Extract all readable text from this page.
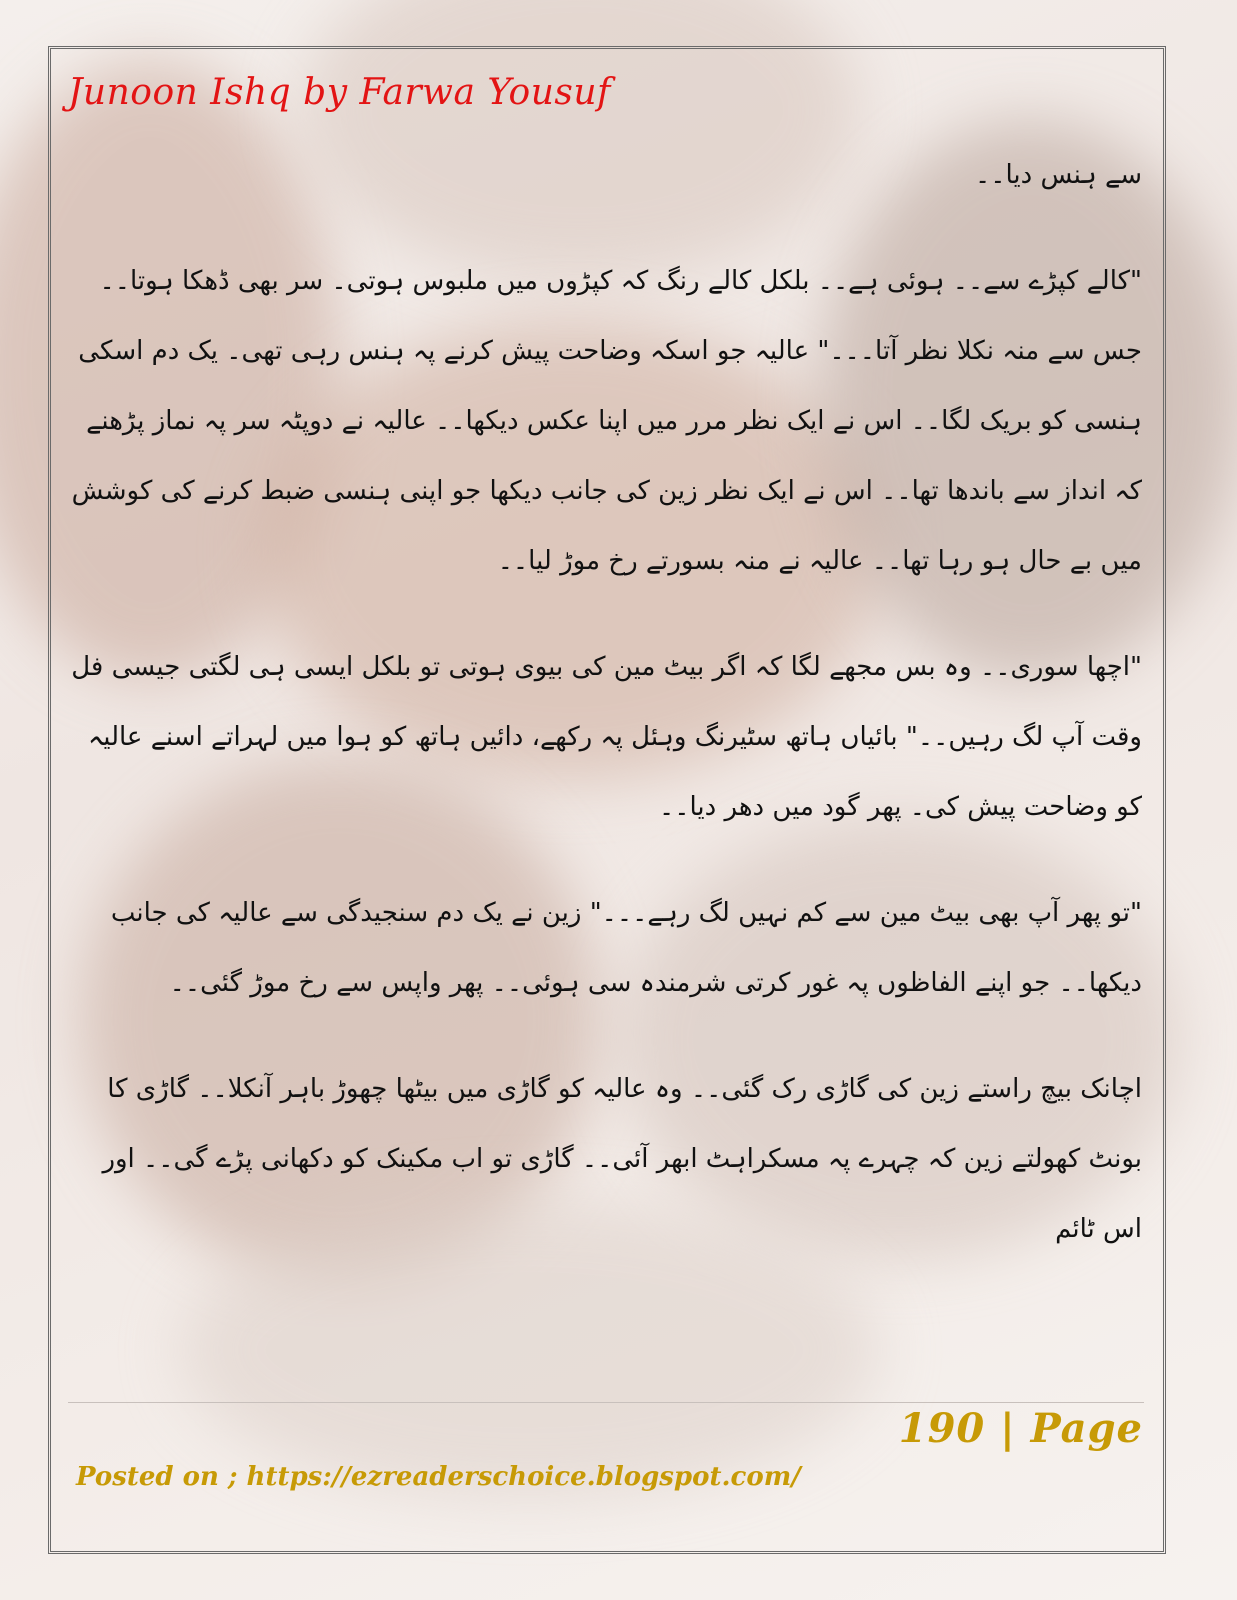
Junoon Ishq by Farwa Yousuf

سے ہنس دیا۔۔

"کالے کپڑے سے۔۔ ہوئی ہے۔۔ بلکل کالے رنگ کہ کپڑوں میں ملبوس ہوتی۔ سر بھی ڈھکا ہوتا۔۔ جس سے منہ نکلا نظر آتا۔۔۔" عالیہ جو اسکہ وضاحت پیش کرنے پہ ہنس رہی تھی۔ یک دم اسکی ہنسی کو بریک لگا۔۔ اس نے ایک نظر مرر میں اپنا عکس دیکھا۔۔ عالیہ نے دوپٹہ سر پہ نماز پڑھنے کہ انداز سے باندھا تھا۔۔ اس نے ایک نظر زین کی جانب دیکھا جو اپنی ہنسی ضبط کرنے کی کوشش میں بے حال ہو رہا تھا۔۔ عالیہ نے منہ بسورتے رخ موڑ لیا۔۔

"اچھا سوری۔۔ وہ بس مجھے لگا کہ اگر بیٹ مین کی بیوی ہوتی تو بلکل ایسی ہی لگتی جیسی فل وقت آپ لگ رہیں۔۔" بائیاں ہاتھ سٹیرنگ وہئل پہ رکھے، دائیں ہاتھ کو ہوا میں لہراتے اسنے عالیہ کو وضاحت پیش کی۔ پھر گود میں دھر دیا۔۔

"تو پھر آپ بھی بیٹ مین سے کم نہیں لگ رہے۔۔۔" زین نے یک دم سنجیدگی سے عالیہ کی جانب دیکھا۔۔ جو اپنے الفاظوں پہ غور کرتی شرمندہ سی ہوئی۔۔ پھر واپس سے رخ موڑ گئی۔۔

اچانک بیچ راستے زین کی گاڑی رک گئی۔۔ وہ عالیہ کو گاڑی میں بیٹھا چھوڑ باہر آنکلا۔۔ گاڑی کا بونٹ کھولتے زین کہ چہرے پہ مسکراہٹ ابھر آئی۔۔ گاڑی تو اب مکینک کو دکھانی پڑے گی۔۔ اور اس ٹائم

190 | Page

Posted on ; https://ezreaderschoice.blogspot.com/
